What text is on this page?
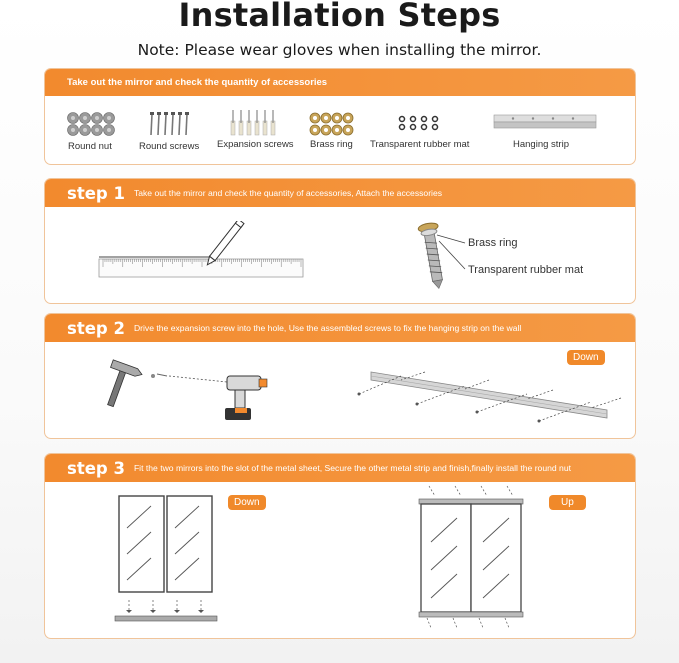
Installation Steps
Note: Please wear gloves when installing the mirror.
Take out the mirror and check the quantity of accessories
Round nut	Round screws Expansion screws Brass ring Transparent rubber mat	Hanging strip
step 1 Take out the mirror and check the quantity of accessories, Attach the accessories
Brass ring
Transparent rubber mat
step 2 Drive the expansion screw into the hole, Use the assembled screws to fix the hanging strip on the wall
Down
step 3 Fit the two mirrors into the slot of the metal sheet, Secure the other metal strip and finish,finally install the round nut
Down	Up
